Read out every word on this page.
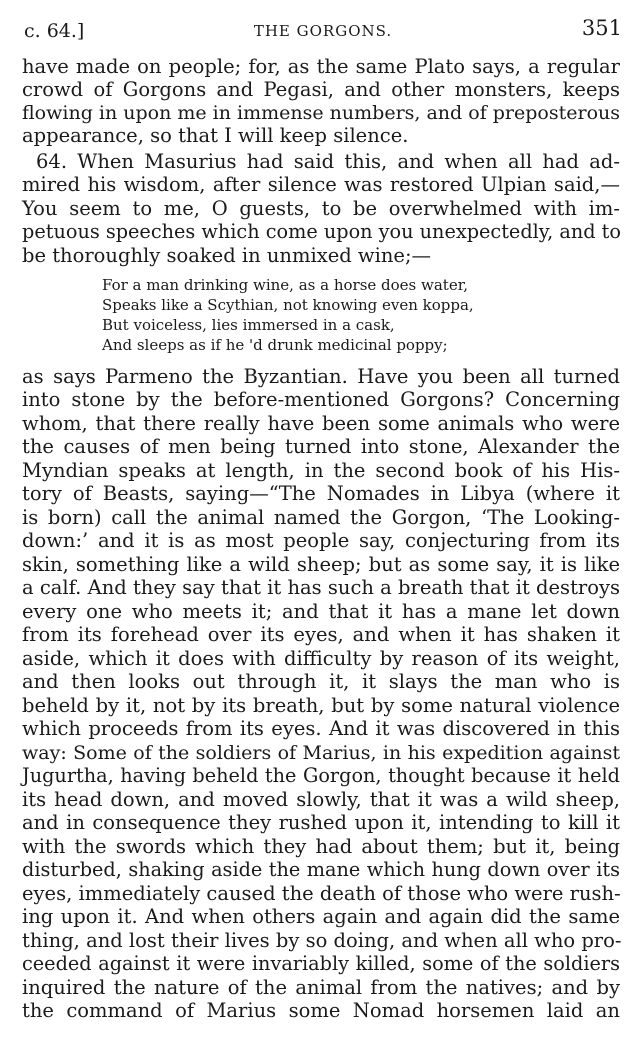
c. 64.]	THE GORGONS.	351
have made on people; for, as the same Plato says, a regular
crowd of Gorgons and Pegasi, and other monsters, keeps
flowing in upon me in immense numbers, and of preposterous
appearance, so that I will keep silence.
64. When Masurius had said this, and when all had ad-
mired his wisdom, after silence was restored Ulpian said,—
You seem to me, O guests, to be overwhelmed with im-
petuous speeches which come upon you unexpectedly, and to
be thoroughly soaked in unmixed wine;—
For a man drinking wine, as a horse does water,
Speaks like a Scythian, not knowing even koppa,
But voiceless, lies immersed in a cask,
And sleeps as if he 'd drunk medicinal poppy;
as says Parmeno the Byzantian. Have you been all turned
into stone by the before-mentioned Gorgons? Concerning
whom, that there really have been some animals who were
the causes of men being turned into stone, Alexander the
Myndian speaks at length, in the second book of his His-
tory of Beasts, saying—“The Nomades in Libya (where it
is born) call the animal named the Gorgon, ‘The Looking-
down:’ and it is as most people say, conjecturing from its
skin, something like a wild sheep; but as some say, it is like
a calf. And they say that it has such a breath that it destroys
every one who meets it; and that it has a mane let down
from its forehead over its eyes, and when it has shaken it
aside, which it does with difficulty by reason of its weight,
and then looks out through it, it slays the man who is
beheld by it, not by its breath, but by some natural violence
which proceeds from its eyes. And it was discovered in this
way: Some of the soldiers of Marius, in his expedition against
Jugurtha, having beheld the Gorgon, thought because it held
its head down, and moved slowly, that it was a wild sheep,
and in consequence they rushed upon it, intending to kill it
with the swords which they had about them; but it, being
disturbed, shaking aside the mane which hung down over its
eyes, immediately caused the death of those who were rush-
ing upon it. And when others again and again did the same
thing, and lost their lives by so doing, and when all who pro-
ceeded against it were invariably killed, some of the soldiers
inquired the nature of the animal from the natives; and by
the command of Marius some Nomad horsemen laid an
